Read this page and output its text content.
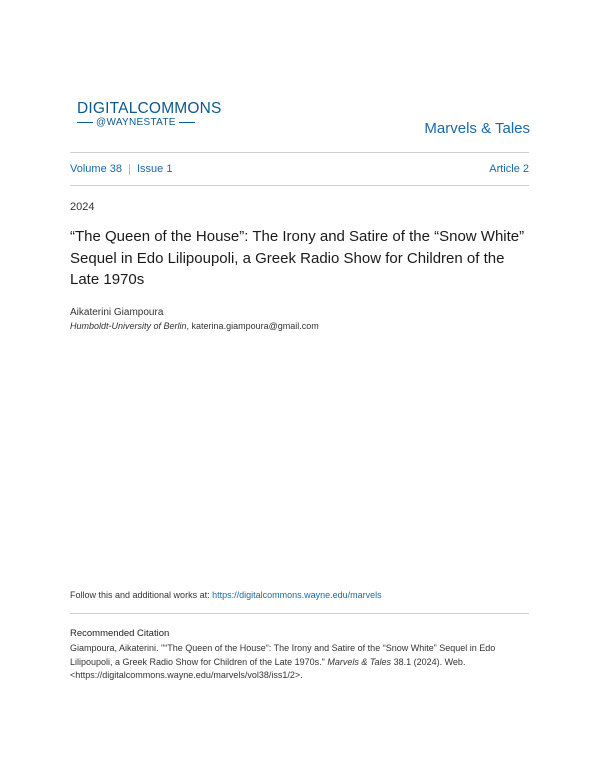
DIGITALCOMMONS
@WAYNESTATE	Marvels & Tales
Volume 38 Issue 1	Article 2
2024
“The Queen of the House”: The Irony and Satire of the “Snow White” Sequel in Edo Lilipoupoli, a Greek Radio Show for Children of the Late 1970s
Aikaterini Giampoura
Humboldt-University of Berlin, katerina.giampoura@gmail.com
Follow this and additional works at: https://digitalcommons.wayne.edu/marvels
Recommended Citation
Giampoura, Aikaterini. "“The Queen of the House”: The Irony and Satire of the “Snow White” Sequel in Edo Lilipoupoli, a Greek Radio Show for Children of the Late 1970s." Marvels & Tales 38.1 (2024). Web. <https://digitalcommons.wayne.edu/marvels/vol38/iss1/2>.
